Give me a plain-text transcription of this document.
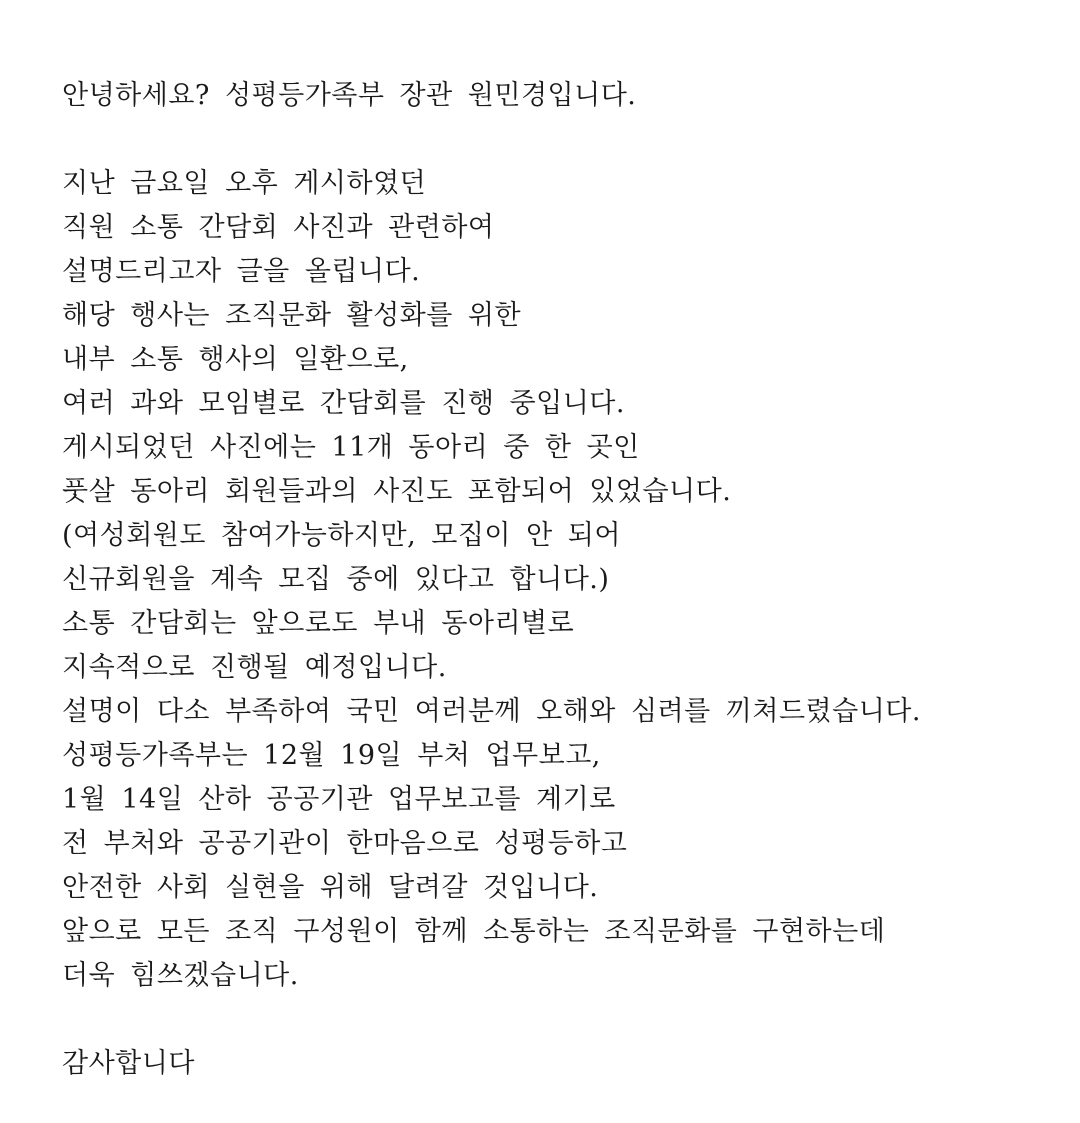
안녕하세요? 성평등가족부 장관 원민경입니다.
지난 금요일 오후 게시하였던
직원 소통 간담회 사진과 관련하여
설명드리고자 글을 올립니다.
해당 행사는 조직문화 활성화를 위한
내부 소통 행사의 일환으로,
여러 과와 모임별로 간담회를 진행 중입니다.
게시되었던 사진에는 11개 동아리 중 한 곳인
풋살 동아리 회원들과의 사진도 포함되어 있었습니다.
(여성회원도 참여가능하지만, 모집이 안 되어
신규회원을 계속 모집 중에 있다고 합니다.)
소통 간담회는 앞으로도 부내 동아리별로
지속적으로 진행될 예정입니다.
설명이 다소 부족하여 국민 여러분께 오해와 심려를 끼쳐드렸습니다.
성평등가족부는 12월 19일 부처 업무보고,
1월 14일 산하 공공기관 업무보고를 계기로
전 부처와 공공기관이 한마음으로 성평등하고
안전한 사회 실현을 위해 달려갈 것입니다.
앞으로 모든 조직 구성원이 함께 소통하는 조직문화를 구현하는데
더욱 힘쓰겠습니다.
감사합니다
